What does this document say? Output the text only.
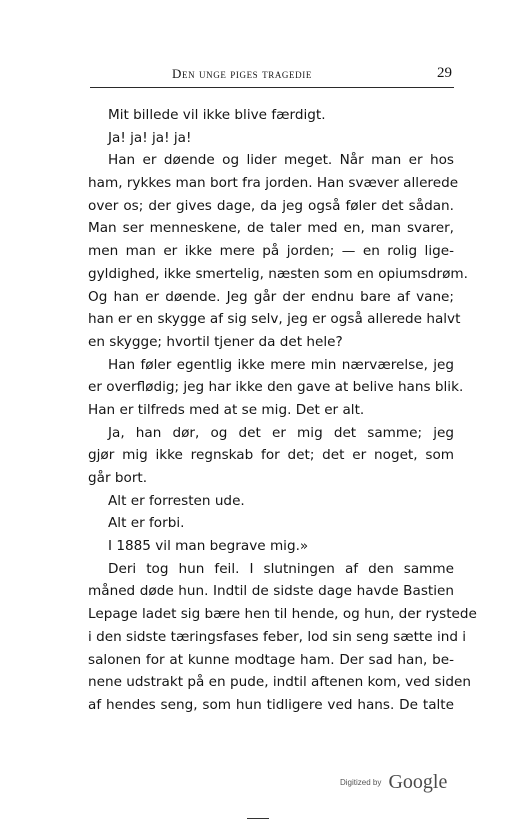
Den unge piges tragedie	29
Mit billede vil ikke blive færdigt.
Ja! ja! ja! ja!
Han er døende og lider meget. Når man er hos
ham, rykkes man bort fra jorden. Han svæver allerede
over os; der gives dage, da jeg også føler det sådan.
Man ser menneskene, de taler med en, man svarer,
men man er ikke mere på jorden; — en rolig lige-
gyldighed, ikke smertelig, næsten som en opiumsdrøm.
Og han er døende. Jeg går der endnu bare af vane;
han er en skygge af sig selv, jeg er også allerede halvt
en skygge; hvortil tjener da det hele?
Han føler egentlig ikke mere min nærværelse, jeg
er overflødig; jeg har ikke den gave at belive hans blik.
Han er tilfreds med at se mig. Det er alt.
Ja, han dør, og det er mig det samme; jeg
gjør mig ikke regnskab for det; det er noget, som
går bort.
Alt er forresten ude.
Alt er forbi.
I 1885 vil man begrave mig.»
Deri tog hun feil. I slutningen af den samme
måned døde hun. Indtil de sidste dage havde Bastien
Lepage ladet sig bære hen til hende, og hun, der rystede
i den sidste tæringsfases feber, lod sin seng sætte ind i
salonen for at kunne modtage ham. Der sad han, be-
nene udstrakt på en pude, indtil aftenen kom, ved siden
af hendes seng, som hun tidligere ved hans. De talte
Digitized by Google
